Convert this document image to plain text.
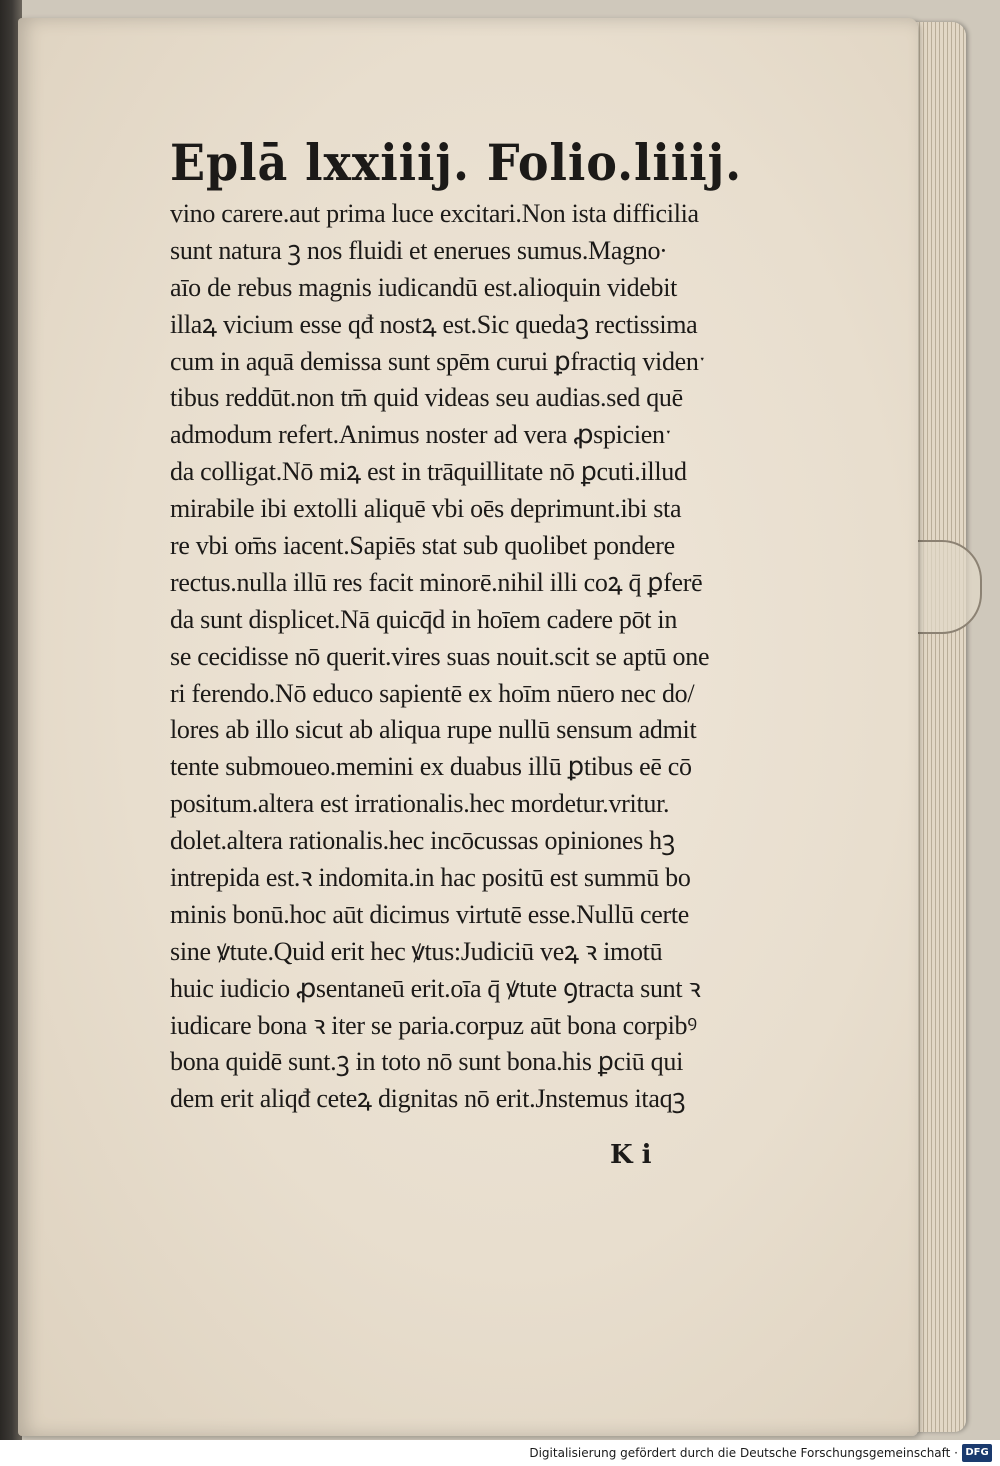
Eplā lxxiiij. Folio.liiij.
vino carere.aut prima luce excitari.Non ista difficilia
sunt natura ꝫ nos fluidi et enerues sumus.Magno∙
aīo de rebus magnis iudicandū est.alioquin videbit
illaꝝ vicium esse qđ nostꝝ est.Sic quedaꝫ rectissima
cum in aquā demissa sunt spēm curui ꝑfractiq videnˑ
tibus reddūt.non tm̄ quid videas seu audias.sed quē
admodum refert.Animus noster ad vera ꝓspicienˑ
da colligat.Nō miꝝ est in trāquillitate nō ꝑcuti.illud
mirabile ibi extolli aliquē vbi oēs deprimunt.ibi sta
re vbi om̄s iacent.Sapiēs stat sub quolibet pondere
rectus.nulla illū res facit minorē.nihil illi coꝝ q̄ ꝑferē
da sunt displicet.Nā quicq̄d in hoīem cadere pōt in
se cecidisse nō querit.vires suas nouit.scit se aptū one
ri ferendo.Nō educo sapientē ex hoīm nūero nec do/
lores ab illo sicut ab aliqua rupe nullū sensum admit
tente submoueo.memini ex duabus illū ꝑtibus eē cō
positum.altera est irrationalis.hec mordetur.vritur.
dolet.altera rationalis.hec incōcussas opiniones hꝫ
intrepida est.ꝛ indomita.in hac positū est summū bo
minis bonū.hoc aūt dicimus virtutē esse.Nullū certe
sine ꝟtute.Quid erit hec ꝟtus:Judiciū veꝝ ꝛ imotū
huic iudicio ꝓsentaneū erit.oīa q̄ ꝟtute ꝯtracta sunt ꝛ
iudicare bona ꝛ iter se paria.corpuz aūt bona corpibꝰ
bona quidē sunt.ꝫ in toto nō sunt bona.his ꝑciū qui
dem erit aliqđ ceteꝝ dignitas nō erit.Jnstemus itaqꝫ
K i
Digitalisierung gefördert durch die Deutsche Forschungsgemeinschaft · DFG
